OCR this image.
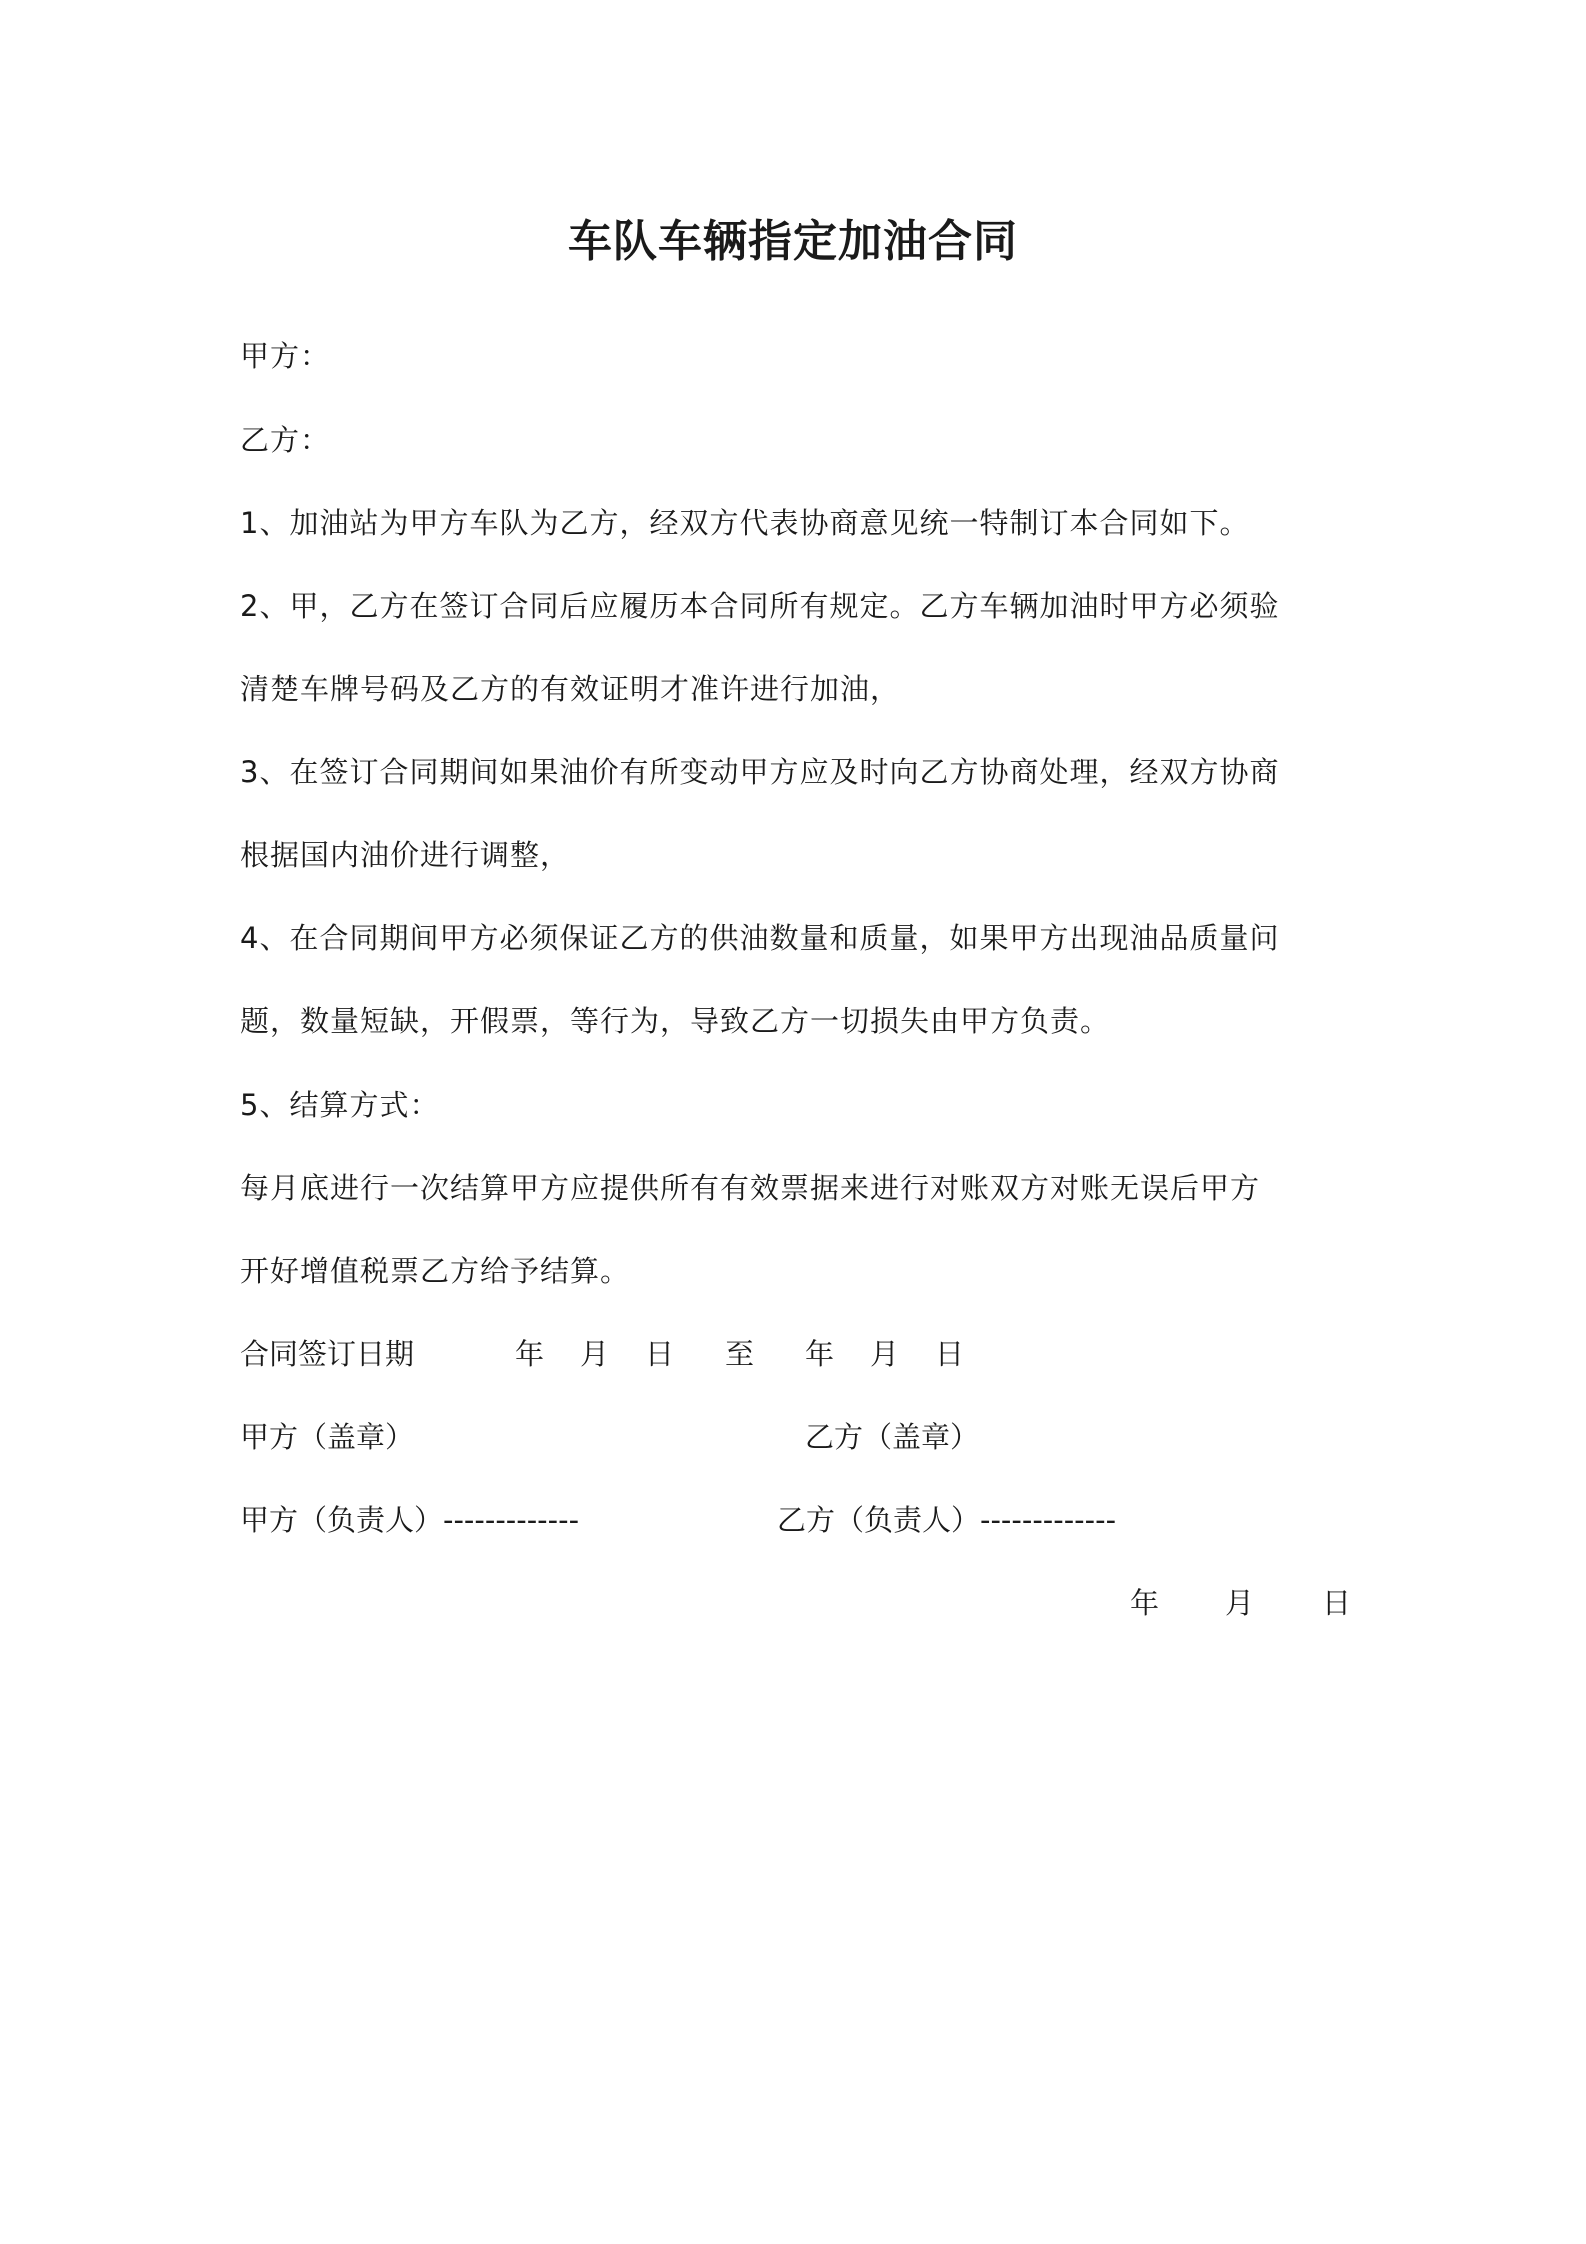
车队车辆指定加油合同

甲方：

乙方：

1、加油站为甲方车队为乙方，经双方代表协商意见统一特制订本合同如下。

2、甲，乙方在签订合同后应履历本合同所有规定。乙方车辆加油时甲方必须验

清楚车牌号码及乙方的有效证明才准许进行加油，

3、在签订合同期间如果油价有所变动甲方应及时向乙方协商处理，经双方协商

根据国内油价进行调整，

4、在合同期间甲方必须保证乙方的供油数量和质量，如果甲方出现油品质量问

题，数量短缺，开假票，等行为，导致乙方一切损失由甲方负责。

5、结算方式：

每月底进行一次结算甲方应提供所有有效票据来进行对账双方对账无误后甲方

开好增值税票乙方给予结算。

合同签订日期	年 月 日 至 年 月 日
甲方（盖章）	乙方（盖章）
甲方（负责人）-------------	乙方（负责人）-------------
年 月 日
